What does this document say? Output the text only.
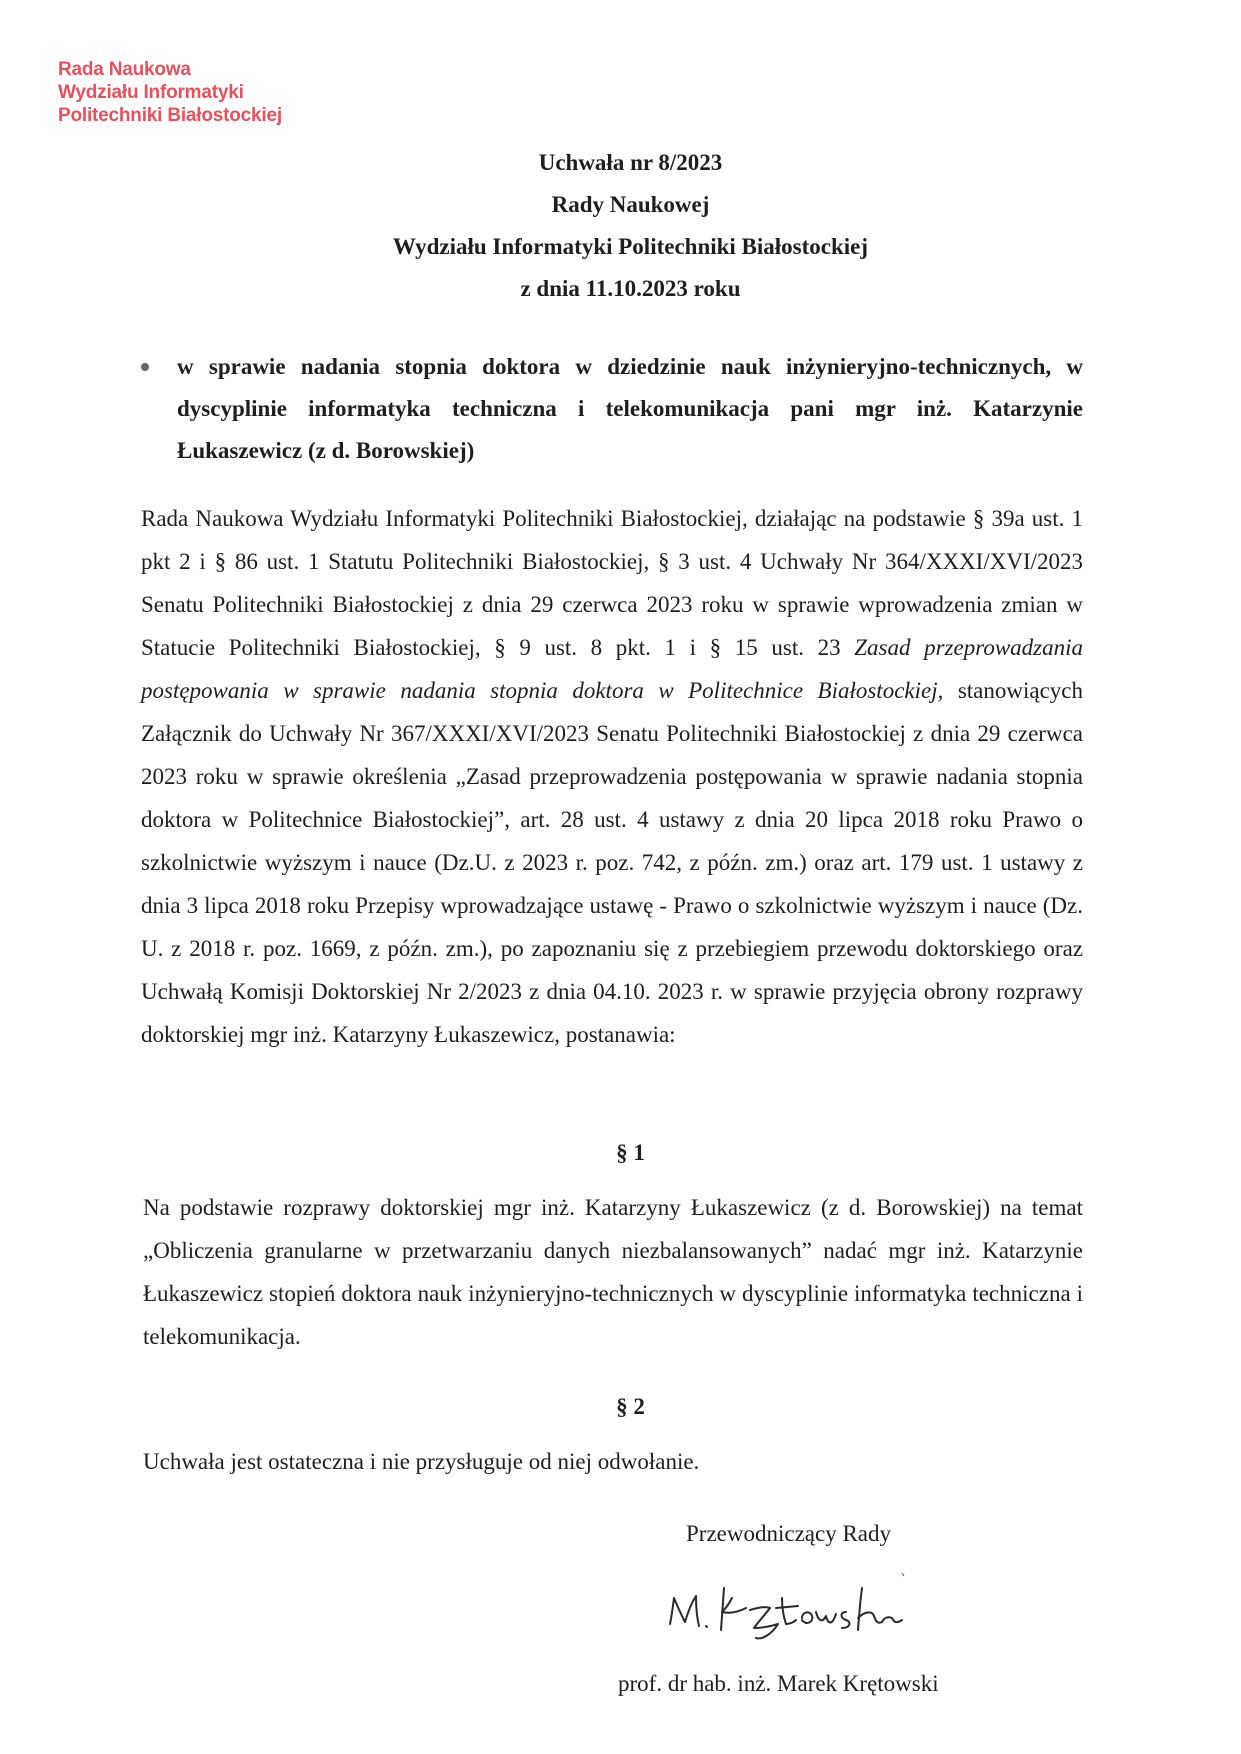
Rada Naukowa
Wydziału Informatyki
Politechniki Białostockiej
Uchwała nr 8/2023
Rady Naukowej
Wydziału Informatyki Politechniki Białostockiej
z dnia 11.10.2023 roku
w sprawie nadania stopnia doktora w dziedzinie nauk inżynieryjno-technicznych, w dyscyplinie informatyka techniczna i telekomunikacja pani mgr inż. Katarzynie Łukaszewicz (z d. Borowskiej)
Rada Naukowa Wydziału Informatyki Politechniki Białostockiej, działając na podstawie § 39a ust. 1 pkt 2 i § 86 ust. 1 Statutu Politechniki Białostockiej, § 3 ust. 4 Uchwały Nr 364/XXXI/XVI/2023 Senatu Politechniki Białostockiej z dnia 29 czerwca 2023 roku w sprawie wprowadzenia zmian w Statucie Politechniki Białostockiej, § 9 ust. 8 pkt. 1 i § 15 ust. 23 Zasad przeprowadzania postępowania w sprawie nadania stopnia doktora w Politechnice Białostockiej, stanowiących Załącznik do Uchwały Nr 367/XXXI/XVI/2023 Senatu Politechniki Białostockiej z dnia 29 czerwca 2023 roku w sprawie określenia „Zasad przeprowadzenia postępowania w sprawie nadania stopnia doktora w Politechnice Białostockiej”, art. 28 ust. 4 ustawy z dnia 20 lipca 2018 roku Prawo o szkolnictwie wyższym i nauce (Dz.U. z 2023 r. poz. 742, z późn. zm.) oraz art. 179 ust. 1 ustawy z dnia 3 lipca 2018 roku Przepisy wprowadzające ustawę - Prawo o szkolnictwie wyższym i nauce (Dz. U. z 2018 r. poz. 1669, z późn. zm.), po zapoznaniu się z przebiegiem przewodu doktorskiego oraz Uchwałą Komisji Doktorskiej Nr 2/2023 z dnia 04.10. 2023 r. w sprawie przyjęcia obrony rozprawy doktorskiej mgr inż. Katarzyny Łukaszewicz, postanawia:
§ 1
Na podstawie rozprawy doktorskiej mgr inż. Katarzyny Łukaszewicz (z d. Borowskiej) na temat „Obliczenia granularne w przetwarzaniu danych niezbalansowanych” nadać mgr inż. Katarzynie Łukaszewicz stopień doktora nauk inżynieryjno-technicznych w dyscyplinie informatyka techniczna i telekomunikacja.
§ 2
Uchwała jest ostateczna i nie przysługuje od niej odwołanie.
Przewodniczący Rady
prof. dr hab. inż. Marek Krętowski
